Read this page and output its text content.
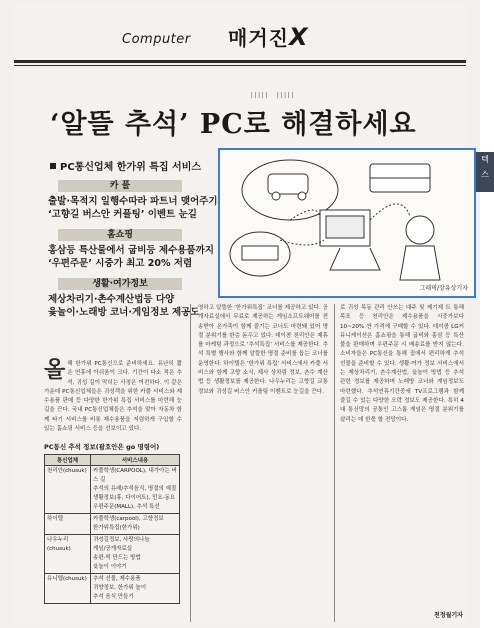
Computer 매거진X
||||| |||||
‘알뜰 추석’ PC로 해결하세요
PC통신업체 한가위 특집 서비스
카 풀
출발·목적지 일행수따라 파트너 맺어주기
‘고향길 버스안 커플팅’ 이벤트 눈길
홈쇼핑
홍삼등 특산물에서 굽비등 제수용품까지
‘우편주문’ 시중가 최고 20% 저렴
생활·여가정보
제상차리기·촌수계산법등 다양
윷놀이·노래방 코너·게임정보 제공도
그래픽/장유상기자
텍
스
올해 한가위 PC통신으로 준비하세요. 유난히 짧은 연휴에 아쉬움이 크다. 기간이 다소 적은 추석, 귀성 길이 막히는 사정은 여전하다. 이 같은 가운데 PC통신업체들은 귀성객을 위한 카풀 서비스와 제수용품 판매 등 다양한 한가위 특집 서비스를 마련해 눈길을 끈다. 국내 PC통신업체들은 추석을 맞아 자동차 함께 타기 서비스를 비롯 제수용품을 저렴하게 구입할 수 있는 홈쇼핑 서비스 등을 선보이고 있다.
영하고 알뜰한 ‘한가위특집’ 코너를 제공하고 있다. 공개자료실에서 무료로 제공하는 게임소프트웨어를 전송받아 온가족이 함께 즐기는 코너도 마련돼 있어 명절 분위기를 한층 돋우고 있다. 데이콤 천리안은 제휴를 마케팅 과정으로 ‘추석특집’ 서비스를 제공한다. 추석 특별 행사와 함께 알뜰한 명절 준비를 돕는 코너를 운영한다. 하이텔은 ‘한가위 특집’ 서비스에서 카풀 서비스와 함께 고향 소식, 제사 상차림 정보, 촌수 계산법 등 생활정보를 제공한다. 나우누리는 고향길 교통정보와 귀성길 버스안 커플팅 이벤트로 눈길을 끈다.
로 귀성 목동 관리 안쓰는 대주 및 제기제 트 통해 목포 등 천리안은 제수용품을 시중가보다 10~20% 싼 가격에 구매할 수 있다. 데이콤 LG커뮤니케이션은 홈쇼핑을 통해 굽비와 홍삼 등 특산물을 판매하며 우편주문 시 배송료를 받지 않는다. 소비자들은 PC통신을 통해 집에서 편리하게 추석 선물을 준비할 수 있다. 생활·여가 정보 서비스에서는 제상차리기, 촌수계산법, 윷놀이 방법 등 추석 관련 정보를 제공하며 노래방 코너와 게임정보도 마련했다. 추석연휴기간중에 TV프로그램과 함께 즐길 수 있는 다양한 오락 정보도 제공한다. 특히 4대 통신망의 공통인 고스톱 게임은 명절 분위기를 살리는 데 한몫 할 전망이다.
PC통신 추석 정보(괄호안은 go 명령어)
통신업체	서비스내용
천리안(chusuk)	카풀학생(CARPOOL), 내가아는 버스 길
추석의 유래/추석음식, 명절의 예절
생활정보(휴, 다이어트), 민요·동요
우편주문(MALL), 추석 특선

하이텔	카풀학생(carpool), 고향정보
한가위특집(한가위)

나우누리(chusuk)	귀성길정보, 사랑의나눔
게임/공개자료실
송편·떡 만드는 방법
윷놀이 이야기

유니텔(chusuk)	추석 선물, 제수용품
귀향정보, 한가위 놀이
추석 음식 만들기
천정월기자
